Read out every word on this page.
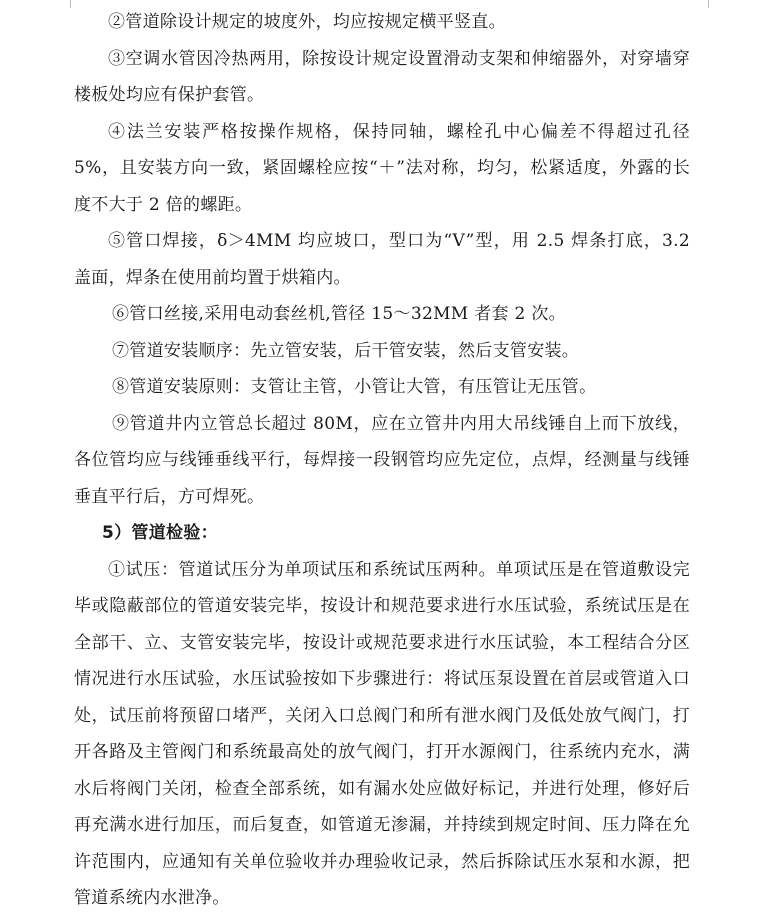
②管道除设计规定的坡度外，均应按规定横平竖直。

③空调水管因冷热两用，除按设计规定设置滑动支架和伸缩器外，对穿墙穿楼板处均应有保护套管。

④法兰安装严格按操作规格，保持同轴，螺栓孔中心偏差不得超过孔径 5%，且安装方向一致，紧固螺栓应按“＋”法对称，均匀，松紧适度，外露的长度不大于 2 倍的螺距。

⑤管口焊接，δ＞4MM 均应坡口，型口为“V”型，用 2.5 焊条打底，3.2 盖面，焊条在使用前均置于烘箱内。

⑥管口丝接,采用电动套丝机,管径 15～32MM 者套 2 次。

⑦管道安装顺序：先立管安装，后干管安装，然后支管安装。

⑧管道安装原则：支管让主管，小管让大管，有压管让无压管。

⑨管道井内立管总长超过 80M，应在立管井内用大吊线锤自上而下放线，各位管均应与线锤垂线平行，每焊接一段钢管均应先定位，点焊，经测量与线锤垂直平行后，方可焊死。

5）管道检验：

①试压：管道试压分为单项试压和系统试压两种。单项试压是在管道敷设完毕或隐蔽部位的管道安装完毕，按设计和规范要求进行水压试验，系统试压是在全部干、立、支管安装完毕，按设计或规范要求进行水压试验，本工程结合分区情况进行水压试验，水压试验按如下步骤进行：将试压泵设置在首层或管道入口处，试压前将预留口堵严，关闭入口总阀门和所有泄水阀门及低处放气阀门，打开各路及主管阀门和系统最高处的放气阀门，打开水源阀门，往系统内充水，满水后将阀门关闭，检查全部系统，如有漏水处应做好标记，并进行处理，修好后再充满水进行加压，而后复查，如管道无渗漏，并持续到规定时间、压力降在允许范围内，应通知有关单位验收并办理验收记录，然后拆除试压水泵和水源，把管道系统内水泄净。
